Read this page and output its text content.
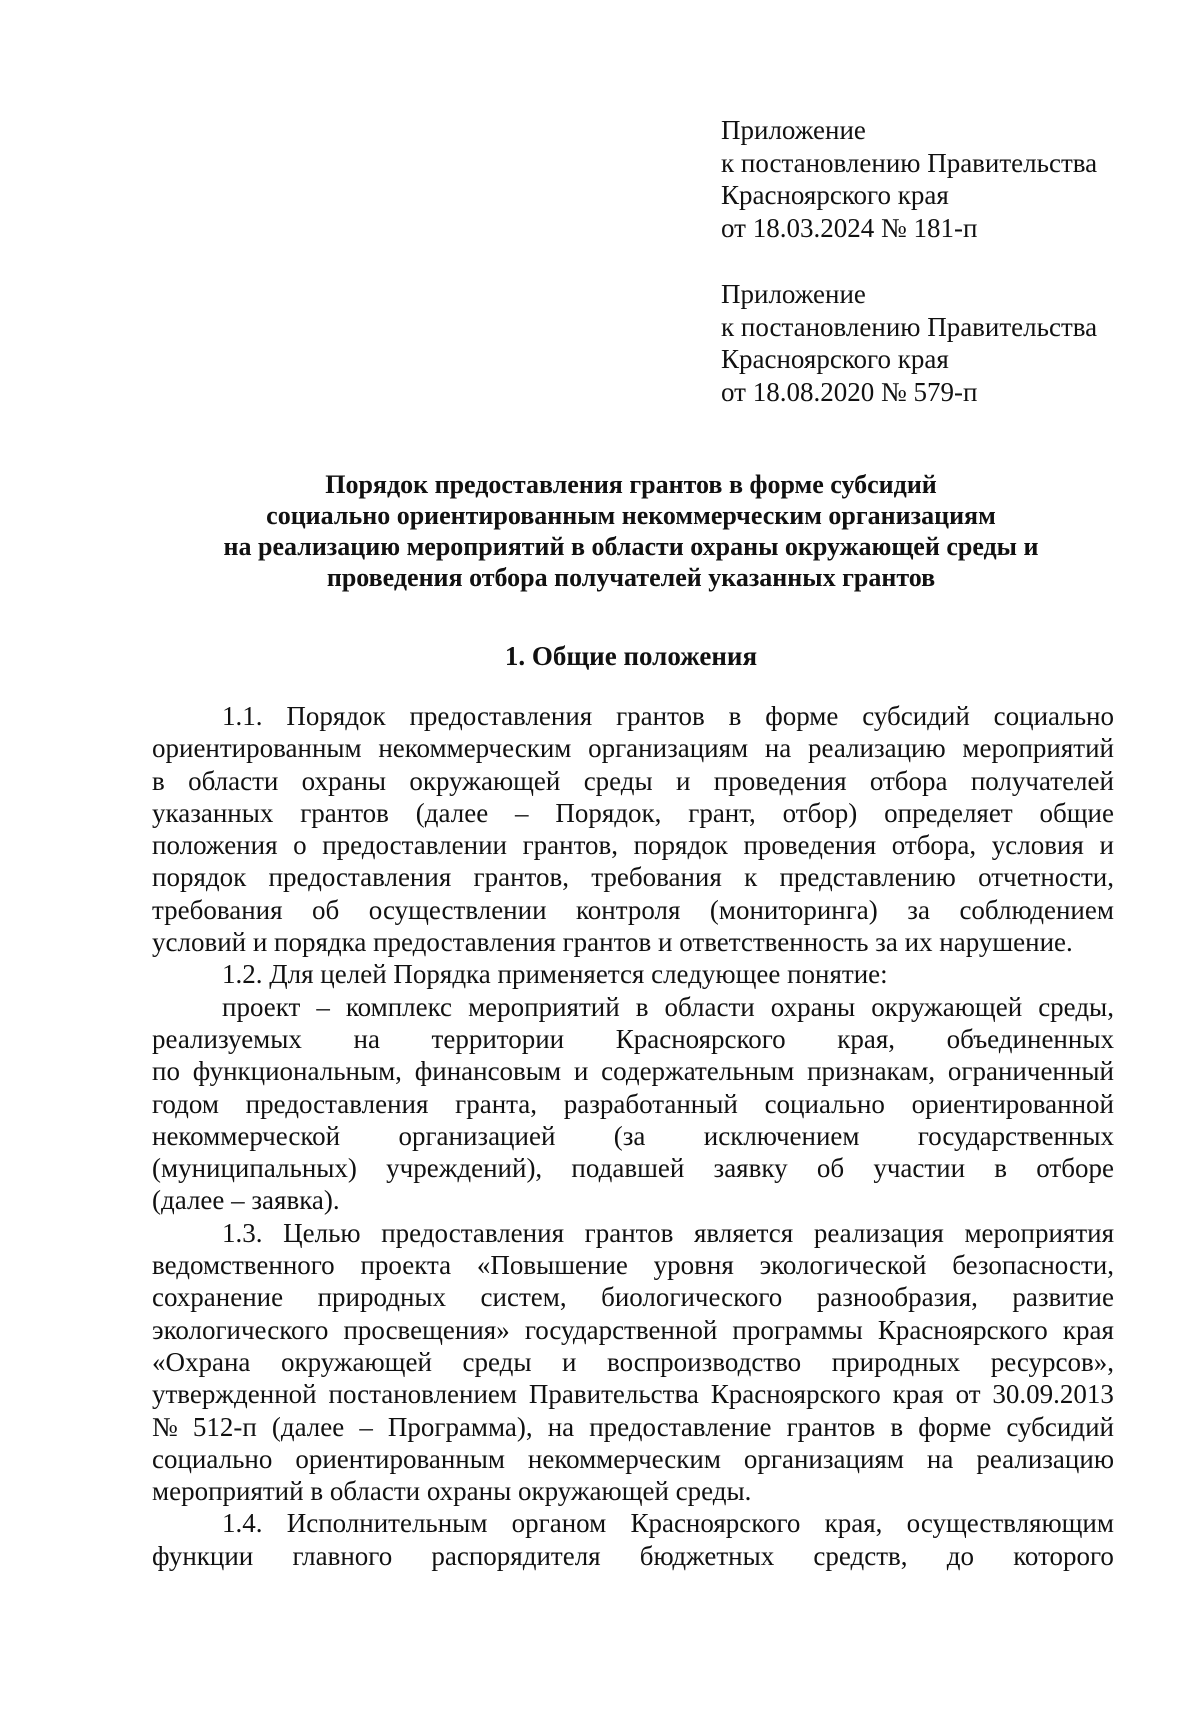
Приложение

к постановлению Правительства

Красноярского края

от 18.03.2024 № 181-п

Приложение

к постановлению Правительства

Красноярского края

от 18.08.2020 № 579-п

Порядок предоставления грантов в форме субсидий

социально ориентированным некоммерческим организациям

на реализацию мероприятий в области охраны окружающей среды и

проведения отбора получателей указанных грантов

1. Общие положения
1.1. Порядок предоставления грантов в форме субсидий социально
ориентированным некоммерческим организациям на реализацию мероприятий
в области охраны окружающей среды и проведения отбора получателей
указанных грантов (далее – Порядок, грант, отбор) определяет общие
положения о предоставлении грантов, порядок проведения отбора, условия и
порядок предоставления грантов, требования к представлению отчетности,
требования об осуществлении контроля (мониторинга) за соблюдением
условий и порядка предоставления грантов и ответственность за их нарушение.
1.2. Для целей Порядка применяется следующее понятие:
проект – комплекс мероприятий в области охраны окружающей среды,
реализуемых на территории Красноярского края, объединенных
по функциональным, финансовым и содержательным признакам, ограниченный
годом предоставления гранта, разработанный социально ориентированной
некоммерческой организацией (за исключением государственных
(муниципальных) учреждений), подавшей заявку об участии в отборе
(далее – заявка).
1.3. Целью предоставления грантов является реализация мероприятия
ведомственного проекта «Повышение уровня экологической безопасности,
сохранение природных систем, биологического разнообразия, развитие
экологического просвещения» государственной программы Красноярского края
«Охрана окружающей среды и воспроизводство природных ресурсов»,
утвержденной постановлением Правительства Красноярского края от 30.09.2013
№ 512-п (далее – Программа), на предоставление грантов в форме субсидий
социально ориентированным некоммерческим организациям на реализацию
мероприятий в области охраны окружающей среды.
1.4. Исполнительным органом Красноярского края, осуществляющим
функции главного распорядителя бюджетных средств, до которого
